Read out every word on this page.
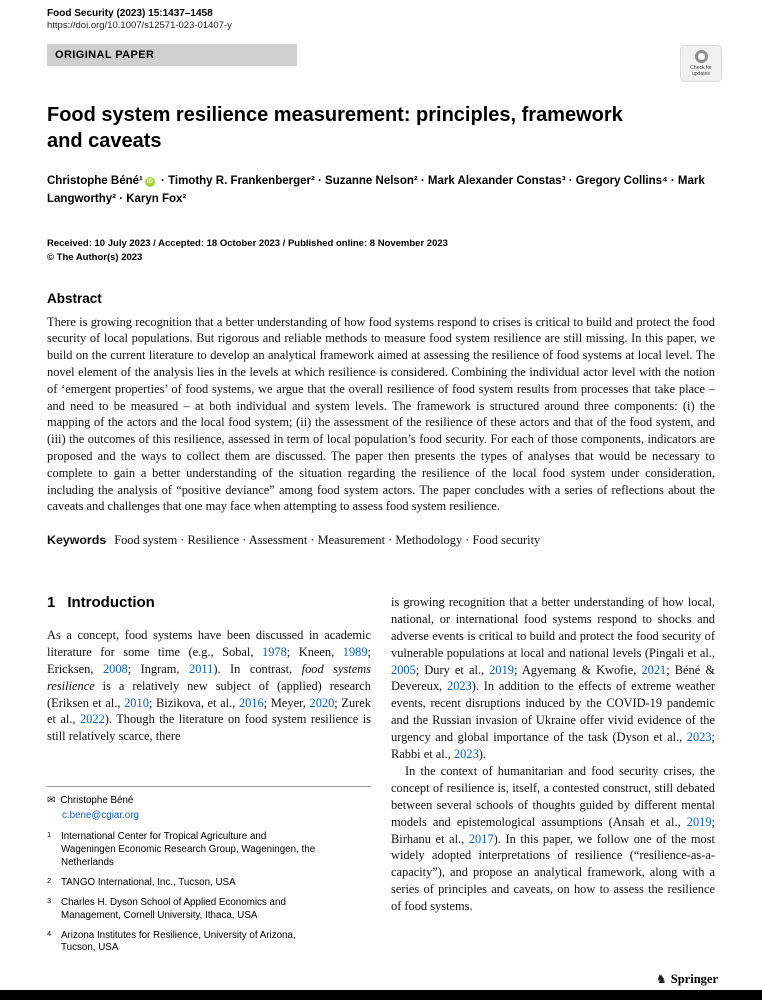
Food Security (2023) 15:1437–1458
https://doi.org/10.1007/s12571-023-01407-y
ORIGINAL PAPER
Check for
updates
Food system resilience measurement: principles, framework and caveats

Christophe Béné¹ iD · Timothy R. Frankenberger² · Suzanne Nelson² · Mark Alexander Constas³ · Gregory Collins⁴ · Mark Langworthy² · Karyn Fox²

Received: 10 July 2023 / Accepted: 18 October 2023 / Published online: 8 November 2023
© The Author(s) 2023
Abstract

There is growing recognition that a better understanding of how food systems respond to crises is critical to build and protect the food security of local populations. But rigorous and reliable methods to measure food system resilience are still missing. In this paper, we build on the current literature to develop an analytical framework aimed at assessing the resilience of food systems at local level. The novel element of the analysis lies in the levels at which resilience is considered. Combining the individual actor level with the notion of ‘emergent properties’ of food systems, we argue that the overall resilience of food system results from processes that take place – and need to be measured – at both individual and system levels. The framework is structured around three components: (i) the mapping of the actors and the local food system; (ii) the assessment of the resilience of these actors and that of the food system, and (iii) the outcomes of this resilience, assessed in term of local population’s food security. For each of those components, indicators are proposed and the ways to collect them are discussed. The paper then presents the types of analyses that would be necessary to complete to gain a better understanding of the situation regarding the resilience of the local food system under consideration, including the analysis of “positive deviance” among food system actors. The paper concludes with a series of reflections about the caveats and challenges that one may face when attempting to assess food system resilience.

Keywords Food system · Resilience · Assessment · Measurement · Methodology · Food security
1 Introduction

As a concept, food systems have been discussed in academic literature for some time (e.g., Sobal, 1978; Kneen, 1989; Ericksen, 2008; Ingram, 2011). In contrast, food systems resilience is a relatively new subject of (applied) research (Eriksen et al., 2010; Bizikova, et al., 2016; Meyer, 2020; Zurek et al., 2022). Though the literature on food system resilience is still relatively scarce, there

✉ Christophe Béné
c.bene@cgiar.org
1 International Center for Tropical Agriculture and Wageningen Economic Research Group, Wageningen, the Netherlands
2 TANGO International, Inc., Tucson, USA
3 Charles H. Dyson School of Applied Economics and Management, Cornell University, Ithaca, USA
4 Arizona Institutes for Resilience, University of Arizona, Tucson, USA

is growing recognition that a better understanding of how local, national, or international food systems respond to shocks and adverse events is critical to build and protect the food security of vulnerable populations at local and national levels (Pingali et al., 2005; Dury et al., 2019; Agyemang & Kwofie, 2021; Béné & Devereux, 2023). In addition to the effects of extreme weather events, recent disruptions induced by the COVID-19 pandemic and the Russian invasion of Ukraine offer vivid evidence of the urgency and global importance of the task (Dyson et al., 2023; Rabbi et al., 2023).

In the context of humanitarian and food security crises, the concept of resilience is, itself, a contested construct, still debated between several schools of thoughts guided by different mental models and epistemological assumptions (Ansah et al., 2019; Birhanu et al., 2017). In this paper, we follow one of the most widely adopted interpretations of resilience (“resilience-as-a-capacity”), and propose an analytical framework, along with a series of principles and caveats, on how to assess the resilience of food systems.

♞ Springer
